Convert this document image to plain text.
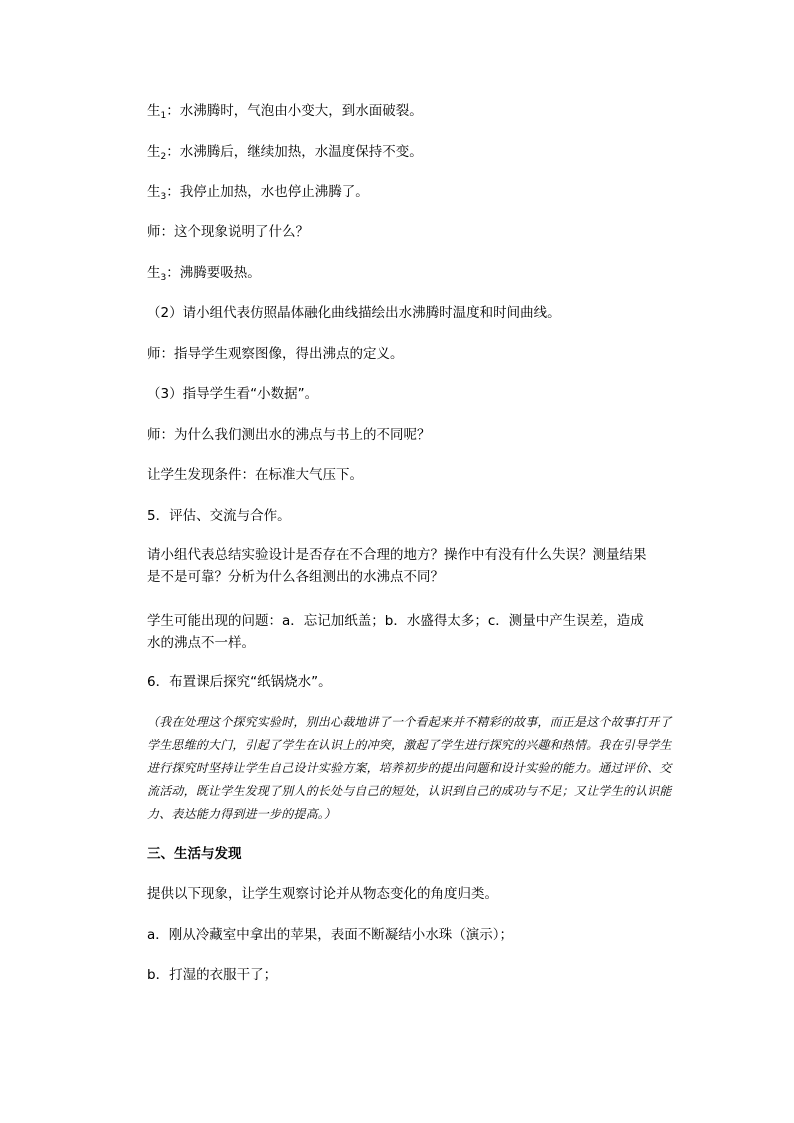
生$_1$：水沸腾时，气泡由小变大，到水面破裂。
生$_2$：水沸腾后，继续加热，水温度保持不变。
生$_3$：我停止加热，水也停止沸腾了。
师：这个现象说明了什么？
生$_3$：沸腾要吸热。
（2）请小组代表仿照晶体融化曲线描绘出水沸腾时温度和时间曲线。
师：指导学生观察图像，得出沸点的定义。
（3）指导学生看“小数据”。
师：为什么我们测出水的沸点与书上的不同呢？
让学生发现条件：在标准大气压下。
5．评估、交流与合作。
请小组代表总结实验设计是否存在不合理的地方？操作中有没有什么失误？测量结果是不是可靠？分析为什么各组测出的水沸点不同？
学生可能出现的问题：a．忘记加纸盖；b．水盛得太多；c．测量中产生误差，造成水的沸点不一样。
6．布置课后探究“纸锅烧水”。
（我在处理这个探究实验时，别出心裁地讲了一个看起来并不精彩的故事，而正是这个故事打开了学生思维的大门，引起了学生在认识上的冲突，激起了学生进行探究的兴趣和热情。我在引导学生进行探究时坚持让学生自己设计实验方案，培养初步的提出问题和设计实验的能力。通过评价、交流活动，既让学生发现了别人的长处与自己的短处，认识到自己的成功与不足；又让学生的认识能力、表达能力得到进一步的提高。）
三、生活与发现
提供以下现象，让学生观察讨论并从物态变化的角度归类。
a．刚从冷藏室中拿出的苹果，表面不断凝结小水珠（演示）；
b．打湿的衣服干了；
